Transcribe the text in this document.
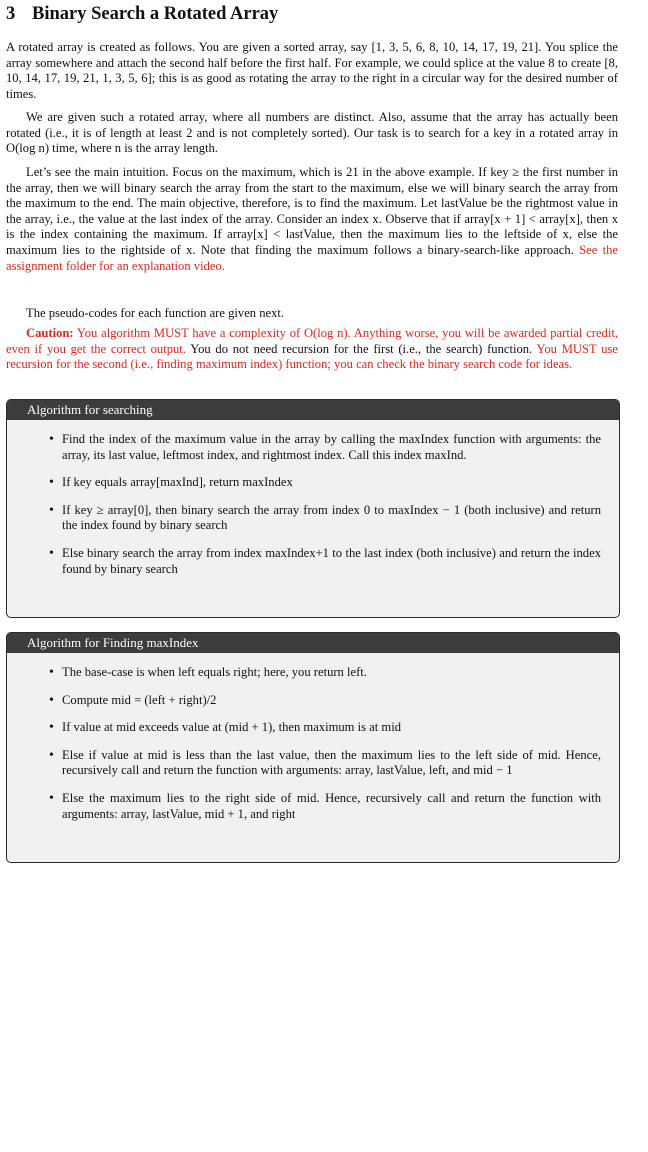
3 Binary Search a Rotated Array
A rotated array is created as follows. You are given a sorted array, say [1, 3, 5, 6, 8, 10, 14, 17, 19, 21]. You splice the array somewhere and attach the second half before the first half. For example, we could splice at the value 8 to create [8, 10, 14, 17, 19, 21, 1, 3, 5, 6]; this is as good as rotating the array to the right in a circular way for the desired number of times.
We are given such a rotated array, where all numbers are distinct. Also, assume that the array has actually been rotated (i.e., it is of length at least 2 and is not completely sorted). Our task is to search for a key in a rotated array in O(log n) time, where n is the array length.
Let’s see the main intuition. Focus on the maximum, which is 21 in the above example. If key ≥ the first number in the array, then we will binary search the array from the start to the maximum, else we will binary search the array from the maximum to the end. The main objective, therefore, is to find the maximum. Let lastValue be the rightmost value in the array, i.e., the value at the last index of the array. Consider an index x. Observe that if array[x + 1] < array[x], then x is the index containing the maximum. If array[x] < lastValue, then the maximum lies to the leftside of x, else the maximum lies to the rightside of x. Note that finding the maximum follows a binary-search-like approach. See the assignment folder for an explanation video.
The pseudo-codes for each function are given next.
Caution: You algorithm MUST have a complexity of O(log n). Anything worse, you will be awarded partial credit, even if you get the correct output. You do not need recursion for the first (i.e., the search) function. You MUST use recursion for the second (i.e., finding maximum index) function; you can check the binary search code for ideas.
Algorithm for searching
• Find the index of the maximum value in the array by calling the maxIndex function with arguments: the array, its last value, leftmost index, and rightmost index. Call this index maxInd.
• If key equals array[maxInd], return maxIndex
• If key ≥ array[0], then binary search the array from index 0 to maxIndex − 1 (both inclusive) and return the index found by binary search
• Else binary search the array from index maxIndex+1 to the last index (both inclusive) and return the index found by binary search
Algorithm for Finding maxIndex
• The base-case is when left equals right; here, you return left.
• Compute mid = (left + right)/2
• If value at mid exceeds value at (mid + 1), then maximum is at mid
• Else if value at mid is less than the last value, then the maximum lies to the left side of mid. Hence, recursively call and return the function with arguments: array, lastValue, left, and mid − 1
• Else the maximum lies to the right side of mid. Hence, recursively call and return the function with arguments: array, lastValue, mid + 1, and right
